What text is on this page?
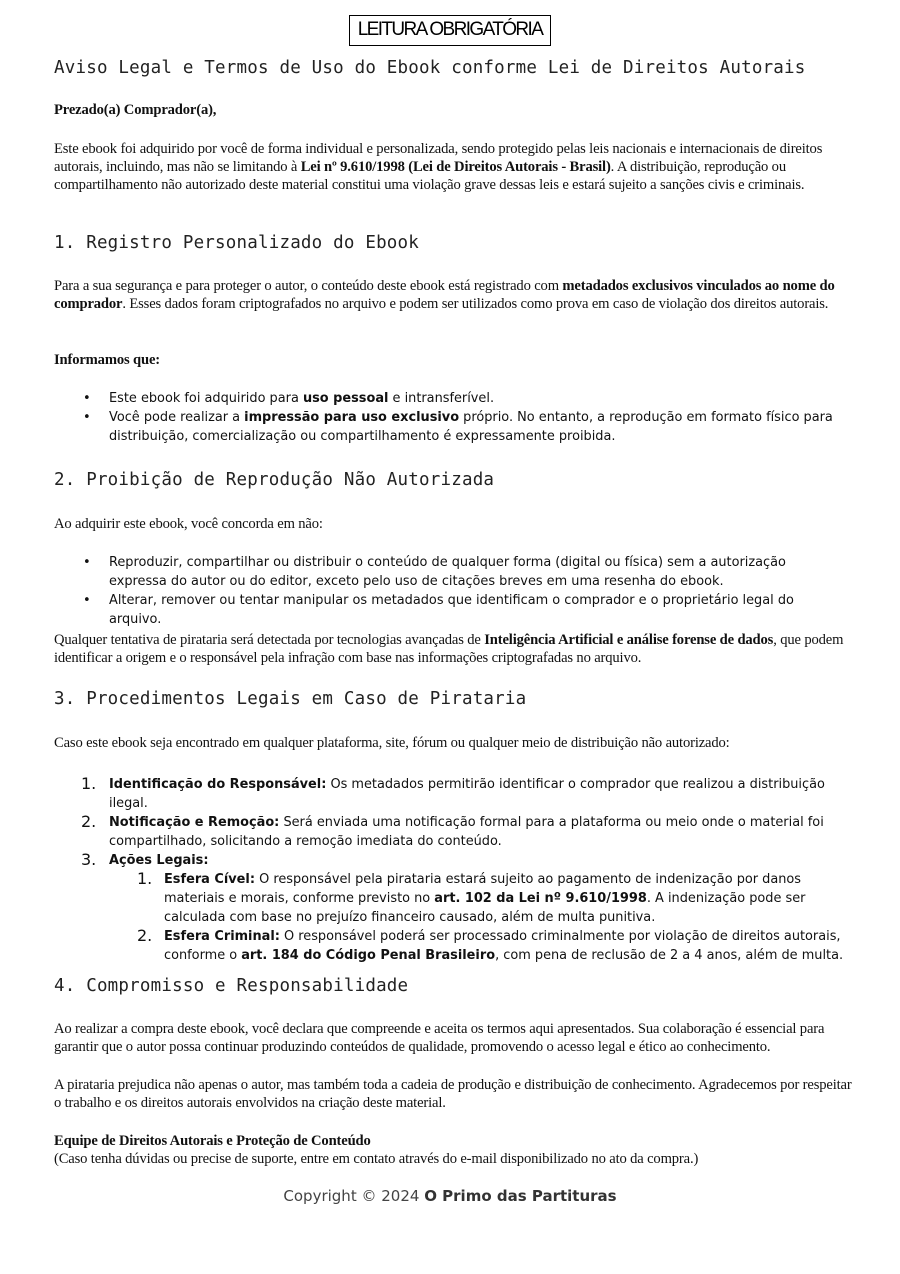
LEITURA OBRIGATÓRIA
Aviso Legal e Termos de Uso do Ebook conforme Lei de Direitos Autorais
Prezado(a) Comprador(a),
Este ebook foi adquirido por você de forma individual e personalizada, sendo protegido pelas leis nacionais e internacionais de direitos autorais, incluindo, mas não se limitando à Lei nº 9.610/1998 (Lei de Direitos Autorais - Brasil). A distribuição, reprodução ou compartilhamento não autorizado deste material constitui uma violação grave dessas leis e estará sujeito a sanções civis e criminais.
1. Registro Personalizado do Ebook
Para a sua segurança e para proteger o autor, o conteúdo deste ebook está registrado com metadados exclusivos vinculados ao nome do comprador. Esses dados foram criptografados no arquivo e podem ser utilizados como prova em caso de violação dos direitos autorais.
Informamos que:
• Este ebook foi adquirido para uso pessoal e intransferível.
• Você pode realizar a impressão para uso exclusivo próprio. No entanto, a reprodução em formato físico para distribuição, comercialização ou compartilhamento é expressamente proibida.
2. Proibição de Reprodução Não Autorizada
Ao adquirir este ebook, você concorda em não:
• Reproduzir, compartilhar ou distribuir o conteúdo de qualquer forma (digital ou física) sem a autorização expressa do autor ou do editor, exceto pelo uso de citações breves em uma resenha do ebook.
• Alterar, remover ou tentar manipular os metadados que identificam o comprador e o proprietário legal do arquivo.
Qualquer tentativa de pirataria será detectada por tecnologias avançadas de Inteligência Artificial e análise forense de dados, que podem identificar a origem e o responsável pela infração com base nas informações criptografadas no arquivo.
3. Procedimentos Legais em Caso de Pirataria
Caso este ebook seja encontrado em qualquer plataforma, site, fórum ou qualquer meio de distribuição não autorizado:
1. Identificação do Responsável: Os metadados permitirão identificar o comprador que realizou a distribuição ilegal.
2. Notificação e Remoção: Será enviada uma notificação formal para a plataforma ou meio onde o material foi compartilhado, solicitando a remoção imediata do conteúdo.
3. Ações Legais:
1. Esfera Cível: O responsável pela pirataria estará sujeito ao pagamento de indenização por danos materiais e morais, conforme previsto no art. 102 da Lei nº 9.610/1998. A indenização pode ser calculada com base no prejuízo financeiro causado, além de multa punitiva.
2. Esfera Criminal: O responsável poderá ser processado criminalmente por violação de direitos autorais, conforme o art. 184 do Código Penal Brasileiro, com pena de reclusão de 2 a 4 anos, além de multa.
4. Compromisso e Responsabilidade
Ao realizar a compra deste ebook, você declara que compreende e aceita os termos aqui apresentados. Sua colaboração é essencial para garantir que o autor possa continuar produzindo conteúdos de qualidade, promovendo o acesso legal e ético ao conhecimento.
A pirataria prejudica não apenas o autor, mas também toda a cadeia de produção e distribuição de conhecimento. Agradecemos por respeitar o trabalho e os direitos autorais envolvidos na criação deste material.
Equipe de Direitos Autorais e Proteção de Conteúdo
(Caso tenha dúvidas ou precise de suporte, entre em contato através do e-mail disponibilizado no ato da compra.)
Copyright © 2024 O Primo das Partituras
